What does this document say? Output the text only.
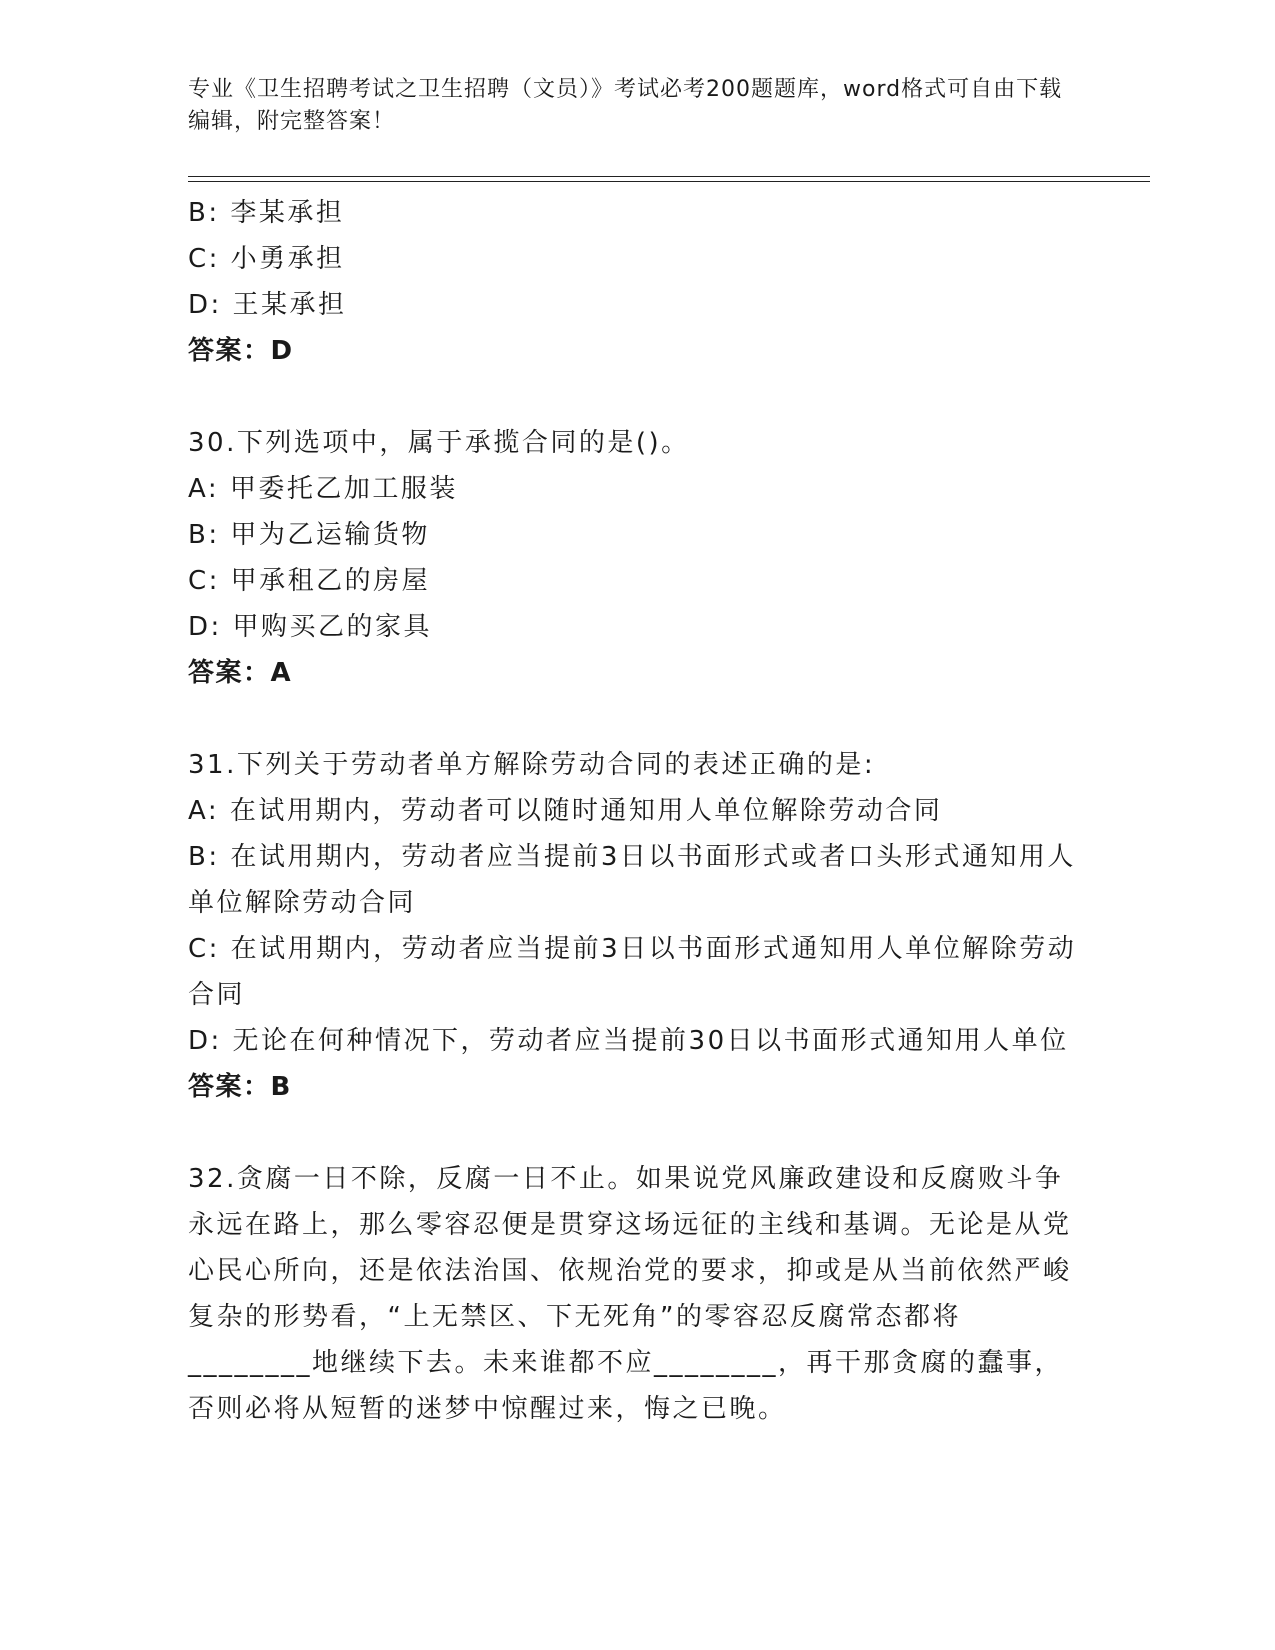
专业《卫生招聘考试之卫生招聘（文员）》考试必考200题题库，word格式可自由下载编辑，附完整答案！

B: 李某承担

C: 小勇承担

D: 王某承担

答案：D

30.下列选项中，属于承揽合同的是()。

A: 甲委托乙加工服装

B: 甲为乙运输货物

C: 甲承租乙的房屋

D: 甲购买乙的家具

答案：A

31.下列关于劳动者单方解除劳动合同的表述正确的是:

A: 在试用期内，劳动者可以随时通知用人单位解除劳动合同

B: 在试用期内，劳动者应当提前3日以书面形式或者口头形式通知用人单位解除劳动合同

C: 在试用期内，劳动者应当提前3日以书面形式通知用人单位解除劳动合同

D: 无论在何种情况下，劳动者应当提前30日以书面形式通知用人单位

答案：B

32.贪腐一日不除，反腐一日不止。如果说党风廉政建设和反腐败斗争永远在路上，那么零容忍便是贯穿这场远征的主线和基调。无论是从党心民心所向，还是依法治国、依规治党的要求，抑或是从当前依然严峻复杂的形势看，“上无禁区、下无死角”的零容忍反腐常态都将________地继续下去。未来谁都不应________，再干那贪腐的蠢事，否则必将从短暂的迷梦中惊醒过来，悔之已晚。
